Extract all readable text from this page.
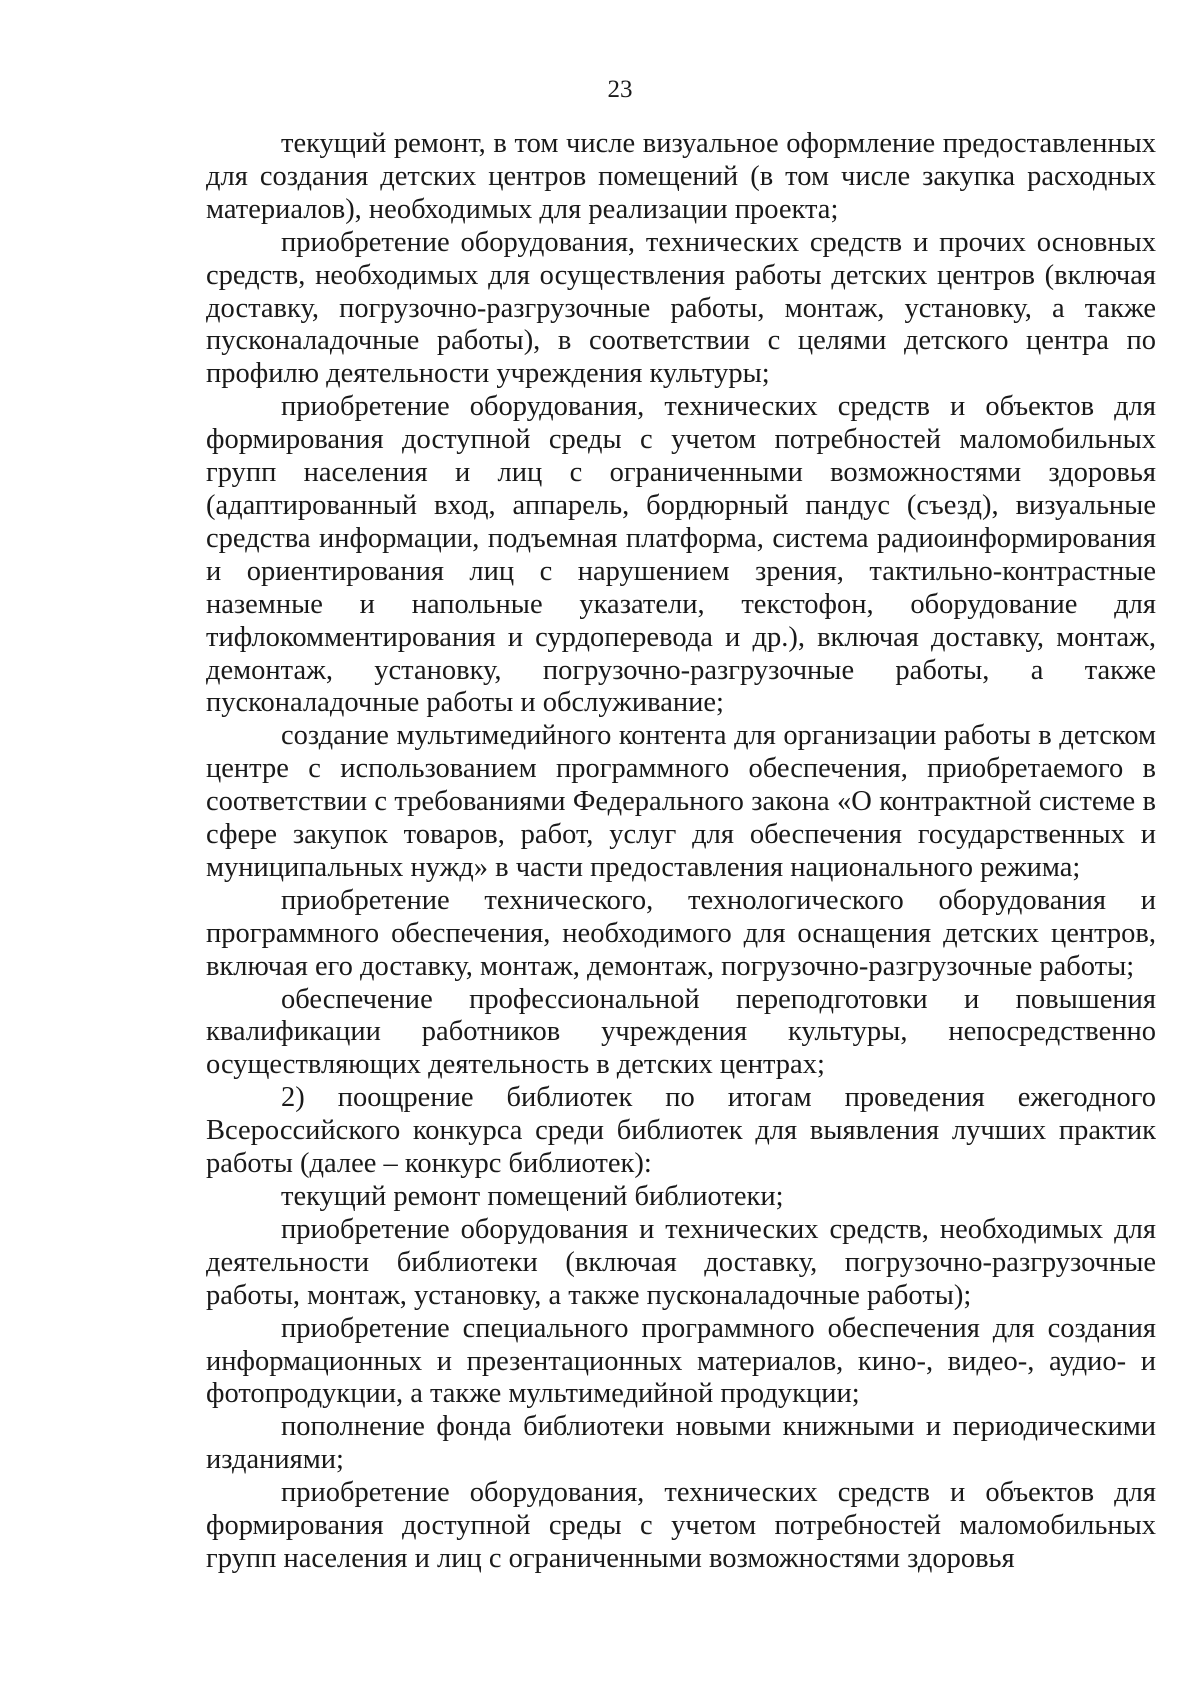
23

текущий ремонт, в том числе визуальное оформление предоставленных для создания детских центров помещений (в том числе закупка расходных материалов), необходимых для реализации проекта;

приобретение оборудования, технических средств и прочих основных средств, необходимых для осуществления работы детских центров (включая доставку, погрузочно-разгрузочные работы, монтаж, установку, а также пусконаладочные работы), в соответствии с целями детского центра по профилю деятельности учреждения культуры;

приобретение оборудования, технических средств и объектов для формирования доступной среды с учетом потребностей маломобильных групп населения и лиц с ограниченными возможностями здоровья (адаптированный вход, аппарель, бордюрный пандус (съезд), визуальные средства информации, подъемная платформа, система радиоинформирования и ориентирования лиц с нарушением зрения, тактильно-контрастные наземные и напольные указатели, текстофон, оборудование для тифлокомментирования и сурдоперевода и др.), включая доставку, монтаж, демонтаж, установку, погрузочно-разгрузочные работы, а также пусконаладочные работы и обслуживание;

создание мультимедийного контента для организации работы в детском центре с использованием программного обеспечения, приобретаемого в соответствии с требованиями Федерального закона «О контрактной системе в сфере закупок товаров, работ, услуг для обеспечения государственных и муниципальных нужд» в части предоставления национального режима;

приобретение технического, технологического оборудования и программного обеспечения, необходимого для оснащения детских центров, включая его доставку, монтаж, демонтаж, погрузочно-разгрузочные работы;

обеспечение профессиональной переподготовки и повышения квалификации работников учреждения культуры, непосредственно осуществляющих деятельность в детских центрах;

2) поощрение библиотек по итогам проведения ежегодного Всероссийского конкурса среди библиотек для выявления лучших практик работы (далее – конкурс библиотек):

текущий ремонт помещений библиотеки;

приобретение оборудования и технических средств, необходимых для деятельности библиотеки (включая доставку, погрузочно-разгрузочные работы, монтаж, установку, а также пусконаладочные работы);

приобретение специального программного обеспечения для создания информационных и презентационных материалов, кино-, видео-, аудио- и фотопродукции, а также мультимедийной продукции;

пополнение фонда библиотеки новыми книжными и периодическими изданиями;

приобретение оборудования, технических средств и объектов для формирования доступной среды с учетом потребностей маломобильных групп населения и лиц с ограниченными возможностями здоровья
